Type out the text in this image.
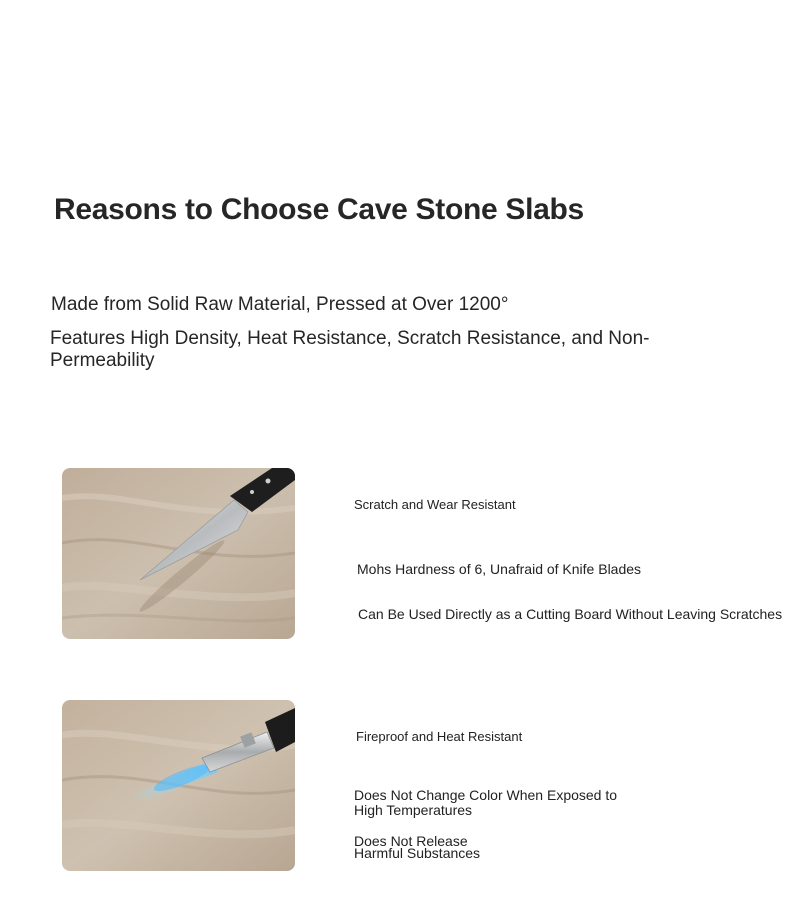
Reasons to Choose Cave Stone Slabs
Made from Solid Raw Material, Pressed at Over 1200°
Features High Density, Heat Resistance, Scratch Resistance, and Non-Permeability
Scratch and Wear Resistant
Mohs Hardness of 6, Unafraid of Knife Blades
Can Be Used Directly as a Cutting Board Without Leaving Scratches
Fireproof and Heat Resistant
Does Not Change Color When Exposed to
High Temperatures
Does Not Release
Harmful Substances
